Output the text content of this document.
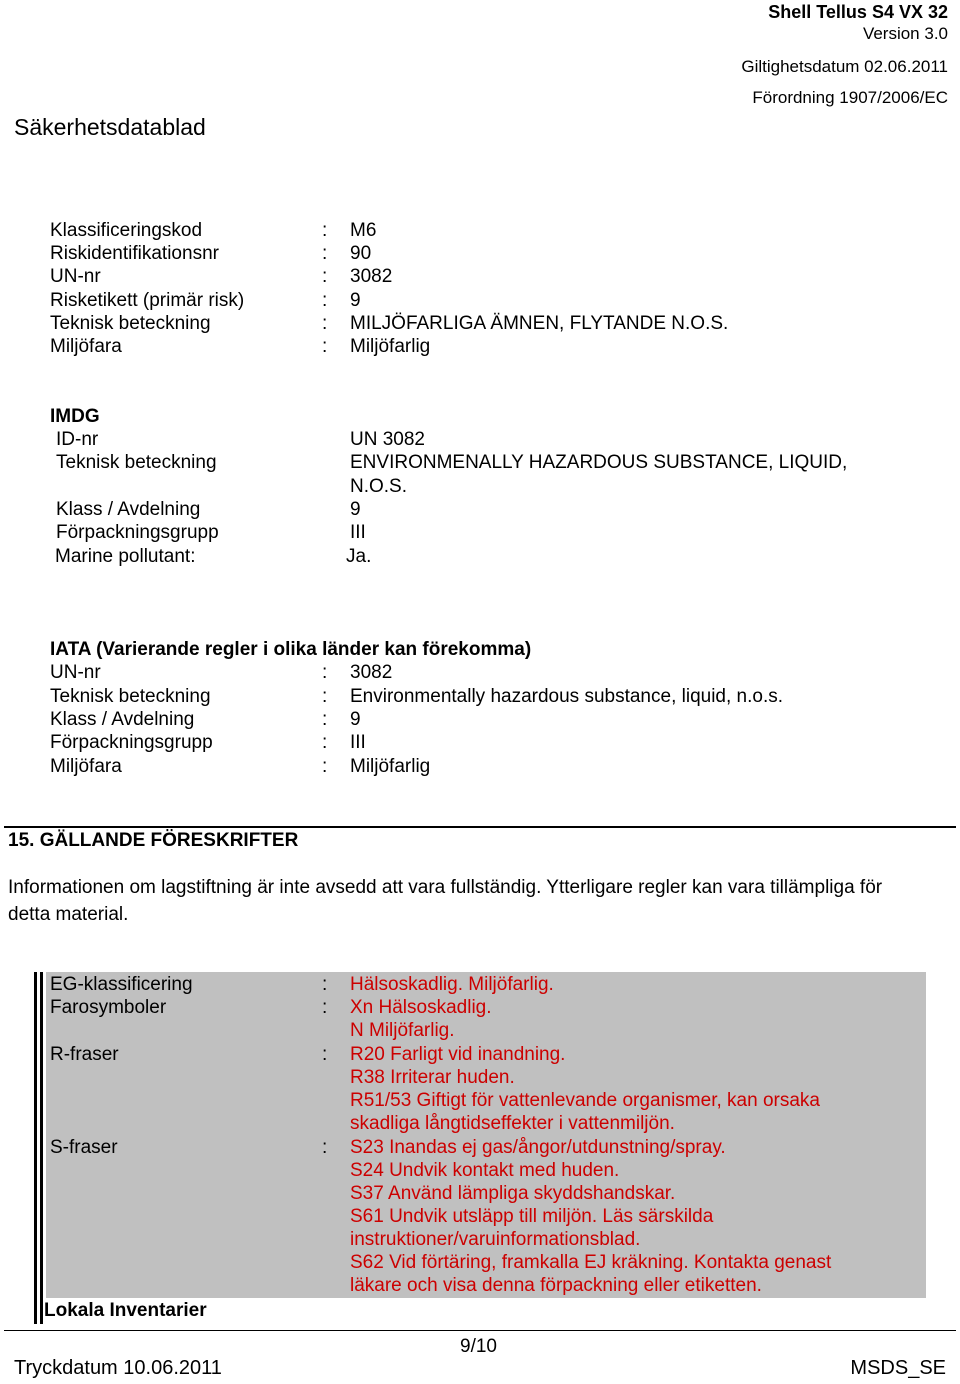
Shell Tellus S4 VX 32
Version 3.0
Giltighetsdatum 02.06.2011
Förordning 1907/2006/EC
Säkerhetsdatablad
Klassificeringskod	: M6
Riskidentifikationsnr	: 90
UN-nr	: 3082
Risketikett (primär risk)	: 9
Teknisk beteckning	: MILJÖFARLIGA ÄMNEN, FLYTANDE N.O.S.
Miljöfara	: Miljöfarlig
IMDG
ID-nr	UN 3082
Teknisk beteckning	ENVIRONMENALLY HAZARDOUS SUBSTANCE, LIQUID,
N.O.S.
Klass / Avdelning	9
Förpackningsgrupp	III
Marine pollutant:	Ja.
IATA (Varierande regler i olika länder kan förekomma)
UN-nr	: 3082
Teknisk beteckning	: Environmentally hazardous substance, liquid, n.o.s.
Klass / Avdelning	: 9
Förpackningsgrupp	: III
Miljöfara	: Miljöfarlig
15. GÄLLANDE FÖRESKRIFTER
Informationen om lagstiftning är inte avsedd att vara fullständig. Ytterligare regler kan vara tillämpliga för
detta material.
EG-klassificering	: Hälsoskadlig. Miljöfarlig.
Farosymboler	: Xn Hälsoskadlig.
N Miljöfarlig.
R-fraser	: R20 Farligt vid inandning.
R38 Irriterar huden.
R51/53 Giftigt för vattenlevande organismer, kan orsaka
skadliga långtidseffekter i vattenmiljön.
S-fraser	: S23 Inandas ej gas/ångor/utdunstning/spray.
S24 Undvik kontakt med huden.
S37 Använd lämpliga skyddshandskar.
S61 Undvik utsläpp till miljön. Läs särskilda
instruktioner/varuinformationsblad.
S62 Vid förtäring, framkalla EJ kräkning. Kontakta genast
läkare och visa denna förpackning eller etiketten.
Lokala Inventarier
9/10
Tryckdatum 10.06.2011	MSDS_SE
